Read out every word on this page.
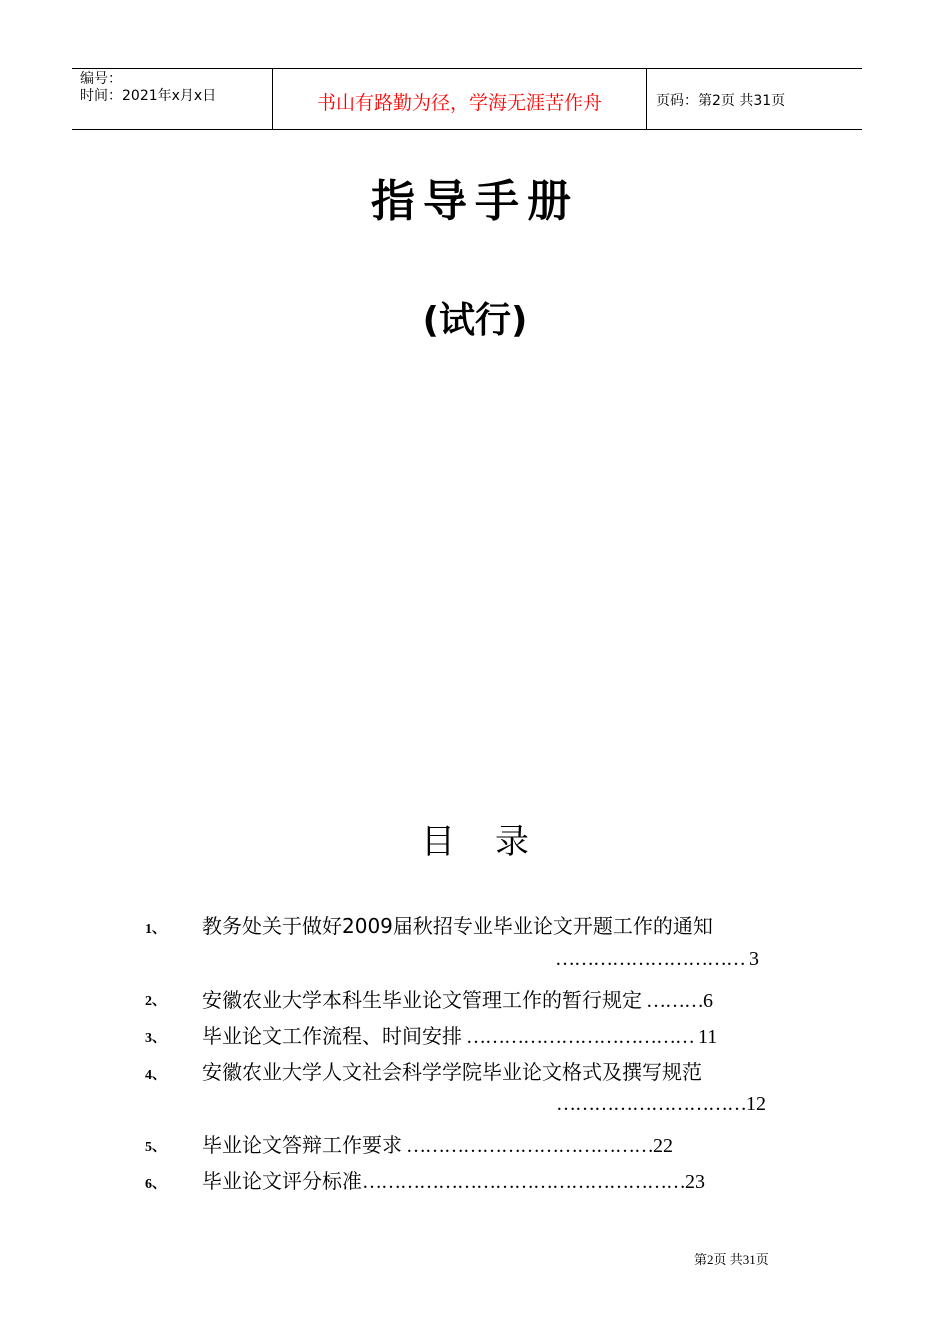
编号：
时间：2021年x月x日	书山有路勤为径，学海无涯苦作舟	页码：第2页 共31页
指导手册
(试行)
目 录
1、 教务处关于做好2009届秋招专业毕业论文开题工作的通知
………………………… 3
2、 安徽农业大学本科生毕业论文管理工作的暂行规定 ………6
3、 毕业论文工作流程、时间安排 ……………………………… 11
4、 安徽农业大学人文社会科学学院毕业论文格式及撰写规范
…………………………12
5、 毕业论文答辩工作要求 …………………………………22
6、 毕业论文评分标准……………………………………………23
第2页 共31页
